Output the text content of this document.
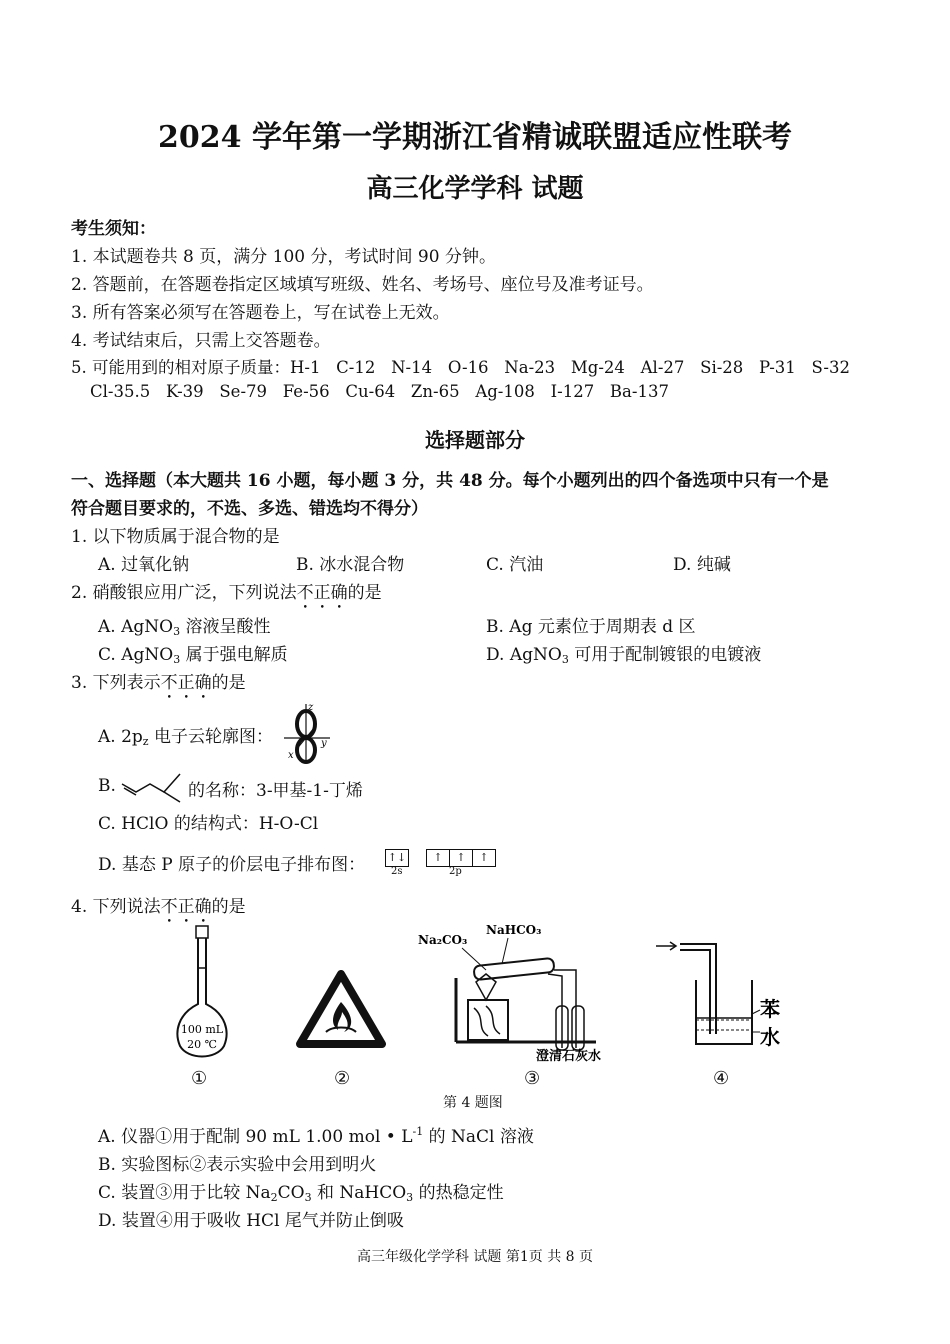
2024 学年第一学期浙江省精诚联盟适应性联考
高三化学学科 试题
考生须知：
1. 本试题卷共 8 页，满分 100 分，考试时间 90 分钟。
2. 答题前，在答题卷指定区域填写班级、姓名、考场号、座位号及准考证号。
3. 所有答案必须写在答题卷上，写在试卷上无效。
4. 考试结束后，只需上交答题卷。
5. 可能用到的相对原子质量：H-1   C-12   N-14   O-16   Na-23   Mg-24   Al-27   Si-28   P-31   S-32
Cl-35.5   K-39   Se-79   Fe-56   Cu-64   Zn-65   Ag-108   I-127   Ba-137
选择题部分
一、选择题（本大题共 16 小题，每小题 3 分，共 48 分。每个小题列出的四个备选项中只有一个是
符合题目要求的，不选、多选、错选均不得分）
1. 以下物质属于混合物的是
A. 过氧化钠	B. 冰水混合物	C. 汽油	D. 纯碱
2. 硝酸银应用广泛，下列说法不正确的是
A. AgNO$_3$ 溶液呈酸性	B. Ag 元素位于周期表 d 区
C. AgNO$_3$ 属于强电解质	D. AgNO$_3$ 可用于配制镀银的电镀液
3. 下列表示不正确的是
A. $2p_z$ 电子云轮廓图：
z
y
x
B.	的名称：3-甲基-1-丁烯
C. HClO 的结构式：H-O-Cl
D. 基态 P 原子的价层电子排布图： ↑↓ ↑ ↑ ↑
2s	2p
4. 下列说法不正确的是
100 mL
20 ℃
Na₂CO₃
NaHCO₃
澄清石灰水
苯
水
①	②	③	④
第 4 题图
A. 仪器①用于配制 90 mL 1.00 mol • $L^{-1}$ 的 NaCl 溶液
B. 实验图标②表示实验中会用到明火
C. 装置③用于比较 $Na_2CO_3$ 和 NaHCO$_3$ 的热稳定性
D. 装置④用于吸收 HCl 尾气并防止倒吸
高三年级化学学科 试题 第1页 共 8 页
